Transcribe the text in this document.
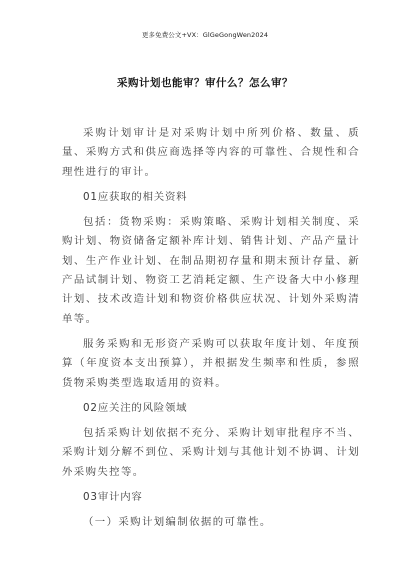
更多免费公文+VX：GlGeGongWen2024
采购计划也能审？审什么？怎么审？

采购计划审计是对采购计划中所列价格、数量、质量、采购方式和供应商选择等内容的可靠性、合规性和合理性进行的审计。

01应获取的相关资料

包括：货物采购：采购策略、采购计划相关制度、采购计划、物资储备定额补库计划、销售计划、产品产量计划、生产作业计划、在制品期初存量和期末预计存量、新产品试制计划、物资工艺消耗定额、生产设备大中小修理计划、技术改造计划和物资价格供应状况、计划外采购清单等。

服务采购和无形资产采购可以获取年度计划、年度预算（年度资本支出预算），并根据发生频率和性质，参照货物采购类型选取适用的资料。

02应关注的风险领域

包括采购计划依据不充分、采购计划审批程序不当、采购计划分解不到位、采购计划与其他计划不协调、计划外采购失控等。

03审计内容

（一）采购计划编制依据的可靠性。
